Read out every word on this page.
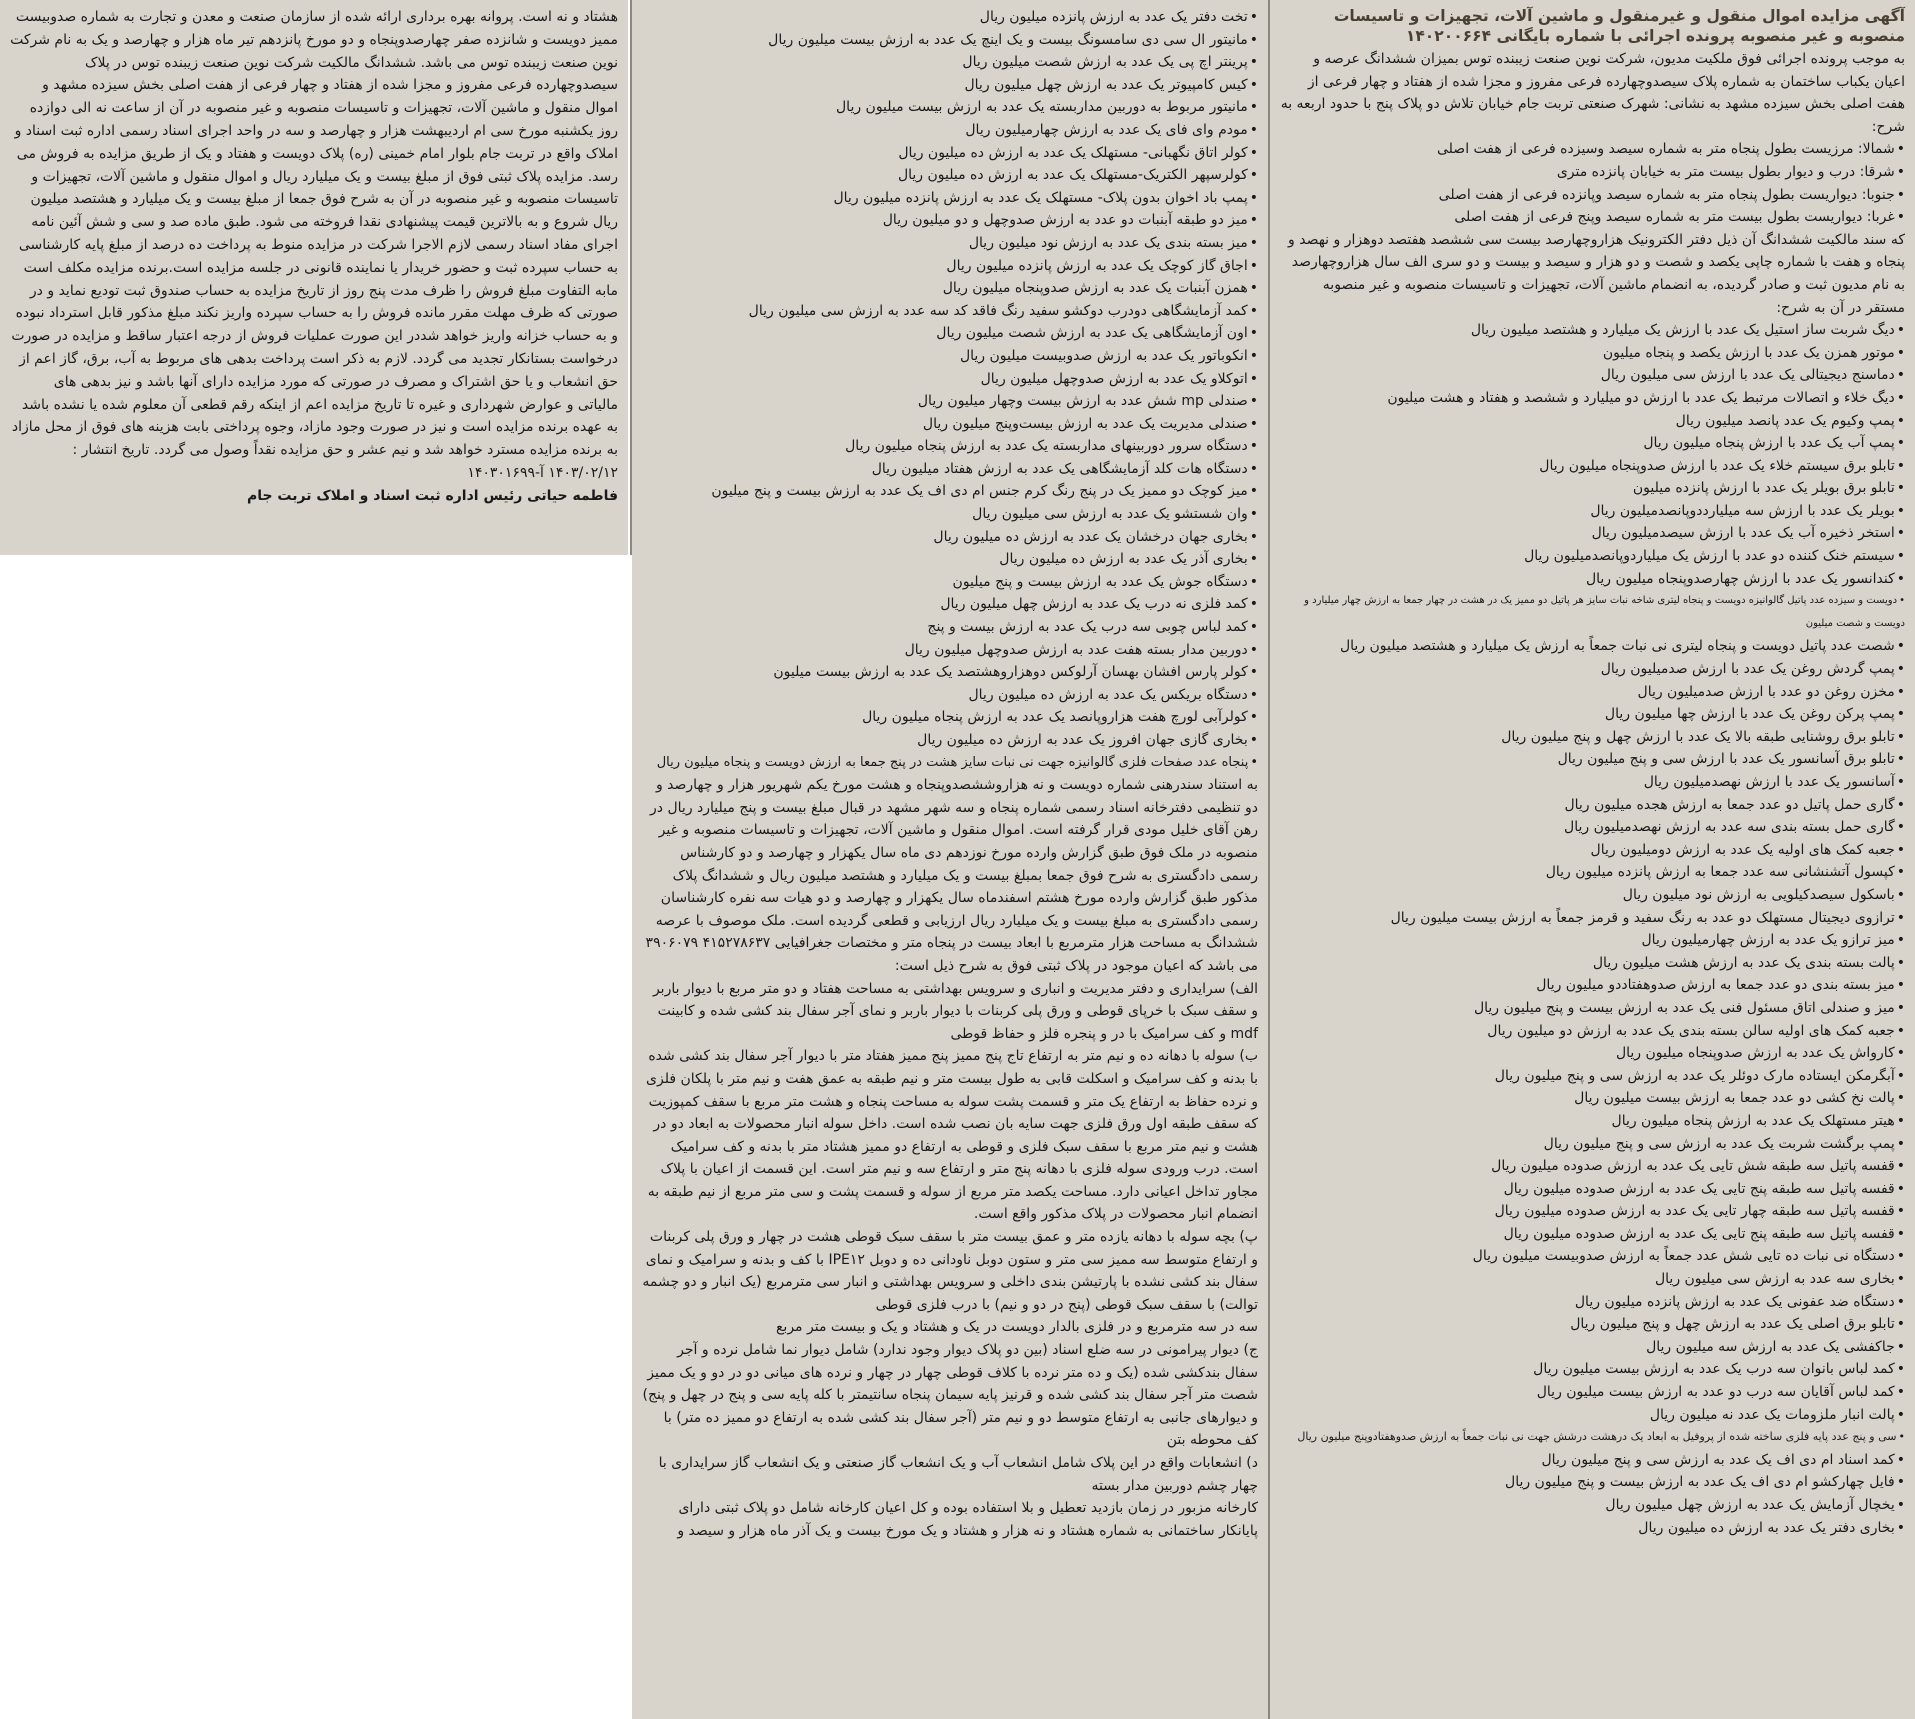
آگهی مزایده اموال منقول و غیرمنقول و ماشین آلات، تجهیزات و تاسیسات منصوبه و غیر منصوبه پرونده اجرائی با شماره بایگانی ۱۴۰۲۰۰۶۶۴

به موجب پرونده اجرائی فوق ملکیت مدیون، شرکت نوین صنعت زیبنده توس بمیزان ششدانگ عرصه و اعیان یکباب ساختمان به شماره پلاک سیصدوچهارده فرعی مفروز و مجزا شده از هفتاد و چهار فرعی از هفت اصلی بخش سیزده مشهد به نشانی: شهرک صنعتی تربت جام خیابان تلاش دو پلاک پنج با حدود اربعه به شرح:

• شمالا: مرزیست بطول پنجاه متر به شماره سیصد وسیزده فرعی از هفت اصلی

• شرقا: درب و دیوار بطول بیست متر به خیابان پانزده متری

• جنوبا: دیواریست بطول پنجاه متر به شماره سیصد وپانزده فرعی از هفت اصلی

• غربا: دیواریست بطول بیست متر به شماره سیصد وپنج فرعی از هفت اصلی

که سند مالکیت ششدانگ آن ذیل دفتر الکترونیک هزاروچهارصد بیست سی ششصد هفتصد دوهزار و نهصد و پنجاه و هفت با شماره چاپی یکصد و شصت و دو هزار و سیصد و بیست و دو سری الف سال هزاروچهارصد به نام مدیون ثبت و صادر گردیده، به انضمام ماشین آلات، تجهیزات و تاسیسات منصوبه و غیر منصوبه مستقر در آن به شرح:

• دیگ شربت ساز استیل یک عدد با ارزش یک میلیارد و هشتصد میلیون ریال

• موتور همزن یک عدد با ارزش یکصد و پنجاه میلیون

• دماسنج دیجیتالی یک عدد با ارزش سی میلیون ریال

• دیگ خلاء و اتصالات مرتبط یک عدد با ارزش دو میلیارد و ششصد و هفتاد و هشت میلیون

• پمپ وکیوم یک عدد پانصد میلیون ریال

• پمپ آب یک عدد با ارزش پنجاه میلیون ریال

• تابلو برق سیستم خلاء یک عدد با ارزش صدوپنجاه میلیون ریال

• تابلو برق بویلر یک عدد با ارزش پانزده میلیون

• بویلر یک عدد با ارزش سه میلیارددوپانصدمیلیون ریال

• استخر ذخیره آب یک عدد با ارزش سیصدمیلیون ریال

• سیستم خنک کننده دو عدد با ارزش یک میلیاردوپانصدمیلیون ریال

• کندانسور یک عدد با ارزش چهارصدوپنجاه میلیون ریال

• دویست و سیزده عدد پاتیل گالوانیزه دویست و پنجاه لیتری شاخه نبات سایز هر پاتیل دو ممیز یک در هشت در چهار جمعا به ارزش چهار میلیارد و دویست و شصت میلیون

• شصت عدد پاتیل دویست و پنجاه لیتری نی نبات جمعاً به ارزش یک میلیارد و هشتصد میلیون ریال

• پمپ گردش روغن یک عدد با ارزش صدمیلیون ریال

• مخزن روغن دو عدد با ارزش صدمیلیون ریال

• پمپ پرکن روغن یک عدد با ارزش چها میلیون ریال

• تابلو برق روشنایی طبقه بالا یک عدد با ارزش چهل و پنج میلیون ریال

• تابلو برق آسانسور یک عدد با ارزش سی و پنج میلیون ریال

• آسانسور یک عدد با ارزش نهصدمیلیون ریال

• گاری حمل پاتیل دو عدد جمعا به ارزش هجده میلیون ریال

• گاری حمل بسته بندی سه عدد به ارزش نهصدمیلیون ریال

• جعبه کمک های اولیه یک عدد به ارزش دومیلیون ریال

• کپسول آتشنشانی سه عدد جمعا به ارزش پانزده میلیون ریال

• باسکول سیصدکیلویی به ارزش نود میلیون ریال

• ترازوی دیجیتال مستهلک دو عدد به رنگ سفید و قرمز جمعاً به ارزش بیست میلیون ریال

• میز ترازو یک عدد به ارزش چهارمیلیون ریال

• پالت بسته بندی یک عدد به ارزش هشت میلیون ریال

• میز بسته بندی دو عدد جمعا به ارزش صدوهفتاددو میلیون ریال

• میز و صندلی اتاق مسئول فنی یک عدد به ارزش بیست و پنج میلیون ریال

• جعبه کمک های اولیه سالن بسته بندی یک عدد به ارزش دو میلیون ریال

• کارواش یک عدد به ارزش صدوپنجاه میلیون ریال

• آبگرمکن ایستاده مارک دوئلر یک عدد به ارزش سی و پنج میلیون ریال

• پالت نخ کشی دو عدد جمعا به ارزش بیست میلیون ریال

• هیتر مستهلک یک عدد به ارزش پنجاه میلیون ریال

• پمپ برگشت شربت یک عدد به ارزش سی و پنج میلیون ریال

• قفسه پاتیل سه طبقه شش تایی یک عدد به ارزش صدوده میلیون ریال

• قفسه پاتیل سه طبقه پنج تایی یک عدد به ارزش صدوده میلیون ریال

• قفسه پاتیل سه طبقه چهار تایی یک عدد به ارزش صدوده میلیون ریال

• قفسه پاتیل سه طبقه پنج تایی یک عدد به ارزش صدوده میلیون ریال

• دستگاه نی نبات ده تایی شش عدد جمعاً به ارزش صدوبیست میلیون ریال

• بخاری سه عدد به ارزش سی میلیون ریال

• دستگاه ضد عفونی یک عدد به ارزش پانزده میلیون ریال

• تابلو برق اصلی یک عدد به ارزش چهل و پنج میلیون ریال

• جاکفشی یک عدد به ارزش سه میلیون ریال

• کمد لباس بانوان سه درب یک عدد به ارزش بیست میلیون ریال

• کمد لباس آقایان سه درب دو عدد به ارزش بیست میلیون ریال

• پالت انبار ملزومات یک عدد نه میلیون ریال

• سی و پنج عدد پایه فلزی ساخته شده از پروفیل به ابعاد یک درهشت درشش جهت نی نبات جمعاً به ارزش صدوهفتادوپنج میلیون ریال

• کمد اسناد ام دی اف یک عدد به ارزش سی و پنج میلیون ریال

• فایل چهارکشو ام دی اف یک عدد به ارزش بیست و پنج میلیون ریال

• یخچال آزمایش یک عدد به ارزش چهل میلیون ریال

• بخاری دفتر یک عدد به ارزش ده میلیون ریال

• تخت دفتر یک عدد به ارزش پانزده میلیون ریال

• مانیتور ال سی دی سامسونگ بیست و یک اینچ یک عدد به ارزش بیست میلیون ریال

• پرینتر اچ پی یک عدد به ارزش شصت میلیون ریال

• کیس کامپیوتر یک عدد به ارزش چهل میلیون ریال

• مانیتور مربوط به دوربین مداربسته یک عدد به ارزش بیست میلیون ریال

• مودم وای فای یک عدد به ارزش چهارمیلیون ریال

• کولر اتاق نگهبانی- مستهلک یک عدد به ارزش ده میلیون ریال

• کولرسپهر الکتریک-مستهلک یک عدد به ارزش ده میلیون ریال

• پمپ باد اخوان بدون پلاک- مستهلک یک عدد به ارزش پانزده میلیون ریال

• میز دو طبقه آبنبات دو عدد به ارزش صدوچهل و دو میلیون ریال

• میز بسته بندی یک عدد به ارزش نود میلیون ریال

• اجاق گاز کوچک یک عدد به ارزش پانزده میلیون ریال

• همزن آبنبات یک عدد به ارزش صدوپنجاه میلیون ریال

• کمد آزمایشگاهی دودرب دوکشو سفید رنگ فاقد کد سه عدد به ارزش سی میلیون ریال

• اون آزمایشگاهی یک عدد به ارزش شصت میلیون ریال

• انکوباتور یک عدد به ارزش صدوبیست میلیون ریال

• اتوکلاو یک عدد به ارزش صدوچهل میلیون ریال

• صندلی mp شش عدد به ارزش بیست وچهار میلیون ریال

• صندلی مدیریت یک عدد به ارزش بیست‌وپنج میلیون ریال

• دستگاه سرور دوربینهای مداربسته یک عدد به ارزش پنجاه میلیون ریال

• دستگاه هات کلد آزمایشگاهی یک عدد به ارزش هفتاد میلیون ریال

• میز کوچک دو ممیز یک در پنج رنگ کرم جنس ام دی اف یک عدد به ارزش بیست و پنج میلیون

• وان شستشو یک عدد به ارزش سی میلیون ریال

• بخاری جهان درخشان یک عدد به ارزش ده میلیون ریال

• بخاری آذر یک عدد به ارزش ده میلیون ریال

• دستگاه جوش یک عدد به ارزش بیست و پنج میلیون

• کمد فلزی نه درب یک عدد به ارزش چهل میلیون ریال

• کمد لباس چوبی سه درب یک عدد به ارزش بیست و پنج

• دوربین مدار بسته هفت عدد به ارزش صدوچهل میلیون ریال

• کولر پارس افشان بهسان آرلوکس دوهزاروهشتصد یک عدد به ارزش بیست میلیون

• دستگاه بریکس یک عدد به ارزش ده میلیون ریال

• کولرآبی لورچ هفت هزاروپانصد یک عدد به ارزش پنجاه میلیون ریال

• بخاری گازی جهان افروز یک عدد به ارزش ده میلیون ریال

• پنجاه عدد صفحات فلزی گالوانیزه جهت نی نبات سایز هشت در پنج جمعا به ارزش دویست و پنجاه میلیون ریال

به استناد سندرهنی شماره دویست و نه هزاروششصدوپنجاه و هشت مورخ یکم شهریور هزار و چهارصد و دو تنظیمی دفترخانه اسناد رسمی شماره پنجاه و سه شهر مشهد در قبال مبلغ بیست و پنج میلیارد ریال در رهن آقای خلیل مودی قرار گرفته است. اموال منقول و ماشین آلات، تجهیزات و تاسیسات منصوبه و غیر منصوبه در ملک فوق طبق گزارش وارده مورخ نوزدهم دی ماه سال یکهزار و چهارصد و دو کارشناس رسمی دادگستری به شرح فوق جمعا بمبلغ بیست و یک میلیارد و هشتصد میلیون ریال و ششدانگ پلاک مذکور طبق گزارش وارده مورخ هشتم اسفندماه سال یکهزار و چهارصد و دو هیات سه نفره کارشناسان رسمی دادگستری به مبلغ بیست و یک میلیارد ریال ارزیابی و قطعی گردیده است. ملک موصوف با عرصه ششدانگ به مساحت هزار مترمربع با ابعاد بیست در پنجاه متر و مختصات جغرافیایی ۴۱۵۲۷۸۶۳۷ ۳۹۰۶۰۷۹ می باشد که اعیان موجود در پلاک ثبتی فوق به شرح ذیل است:

الف) سرایداری و دفتر مدیریت و انباری و سرویس بهداشتی به مساحت هفتاد و دو متر مربع با دیوار باربر و سقف سبک با خرپای قوطی و ورق پلی کربنات با دیوار باربر و نمای آجر سفال بند کشی شده و کابینت mdf و کف سرامیک با در و پنجره فلز و حفاظ قوطی

ب) سوله با دهانه ده و نیم متر به ارتفاع تاج پنج ممیز پنج ممیز هفتاد متر با دیوار آجر سفال بند کشی شده با بدنه و کف سرامیک و اسکلت قابی به طول بیست متر و نیم طبقه به عمق هفت و نیم متر با پلکان فلزی و نرده حفاظ به ارتفاع یک متر و قسمت پشت سوله به مساحت پنجاه و هشت متر مربع با سقف کمپوزیت که سقف طبقه اول ورق فلزی جهت سایه بان نصب شده است. داخل سوله انبار محصولات به ابعاد دو در هشت و نیم متر مربع با سقف سبک فلزی و قوطی به ارتفاع دو ممیز هشتاد متر با بدنه و کف سرامیک است. درب ورودی سوله فلزی با دهانه پنج متر و ارتفاع سه و نیم متر است. این قسمت از اعیان با پلاک مجاور تداخل اعیانی دارد. مساحت یکصد متر مربع از سوله و قسمت پشت و سی متر مربع از نیم طبقه به انضمام انبار محصولات در پلاک مذکور واقع است.

پ) بچه سوله با دهانه یازده متر و عمق بیست متر با سقف سبک قوطی هشت در چهار و ورق پلی کربنات و ارتفاع متوسط سه ممیز سی متر و ستون دوبل ناودانی ده و دوبل IPE۱۲ با کف و بدنه و سرامیک و نمای سفال بند کشی نشده با پارتیشن بندی داخلی و سرویس بهداشتی و انبار سی مترمربع (یک انبار و دو چشمه توالت) با سقف سبک قوطی (پنج در دو و نیم) با درب فلزی قوطی

سه در سه مترمربع و در فلزی بالدار دویست در یک و هشتاد و یک و بیست متر مربع

ج) دیوار پیرامونی در سه ضلع اسناد (بین دو پلاک دیوار وجود ندارد) شامل دیوار نما شامل نرده و آجر سفال بندکشی شده (یک و ده متر نرده با کلاف قوطی چهار در چهار و نرده های میانی دو در دو و یک ممیز شصت متر آجر سفال بند کشی شده و قرنیز پایه سیمان پنجاه سانتیمتر با کله پایه سی و پنج در چهل و پنج) و دیوارهای جانبی به ارتفاع متوسط دو و نیم متر (آجر سفال بند کشی شده به ارتفاع دو ممیز ده متر) با کف محوطه بتن

د) انشعابات واقع در این پلاک شامل انشعاب آب و یک انشعاب گاز صنعتی و یک انشعاب گاز سرایداری با چهار چشم دوربین مدار بسته

کارخانه مزبور در زمان بازدید تعطیل و بلا استفاده بوده و کل اعیان کارخانه شامل دو پلاک ثبتی دارای پایانکار ساختمانی به شماره هشتاد و نه هزار و هشتاد و یک مورخ بیست و یک آذر ماه هزار و سیصد و

هشتاد و نه است. پروانه بهره برداری ارائه شده از سازمان صنعت و معدن و تجارت به شماره صدوبیست ممیز دویست و شانزده صفر چهارصدوپنجاه و دو مورخ پانزدهم تیر ماه هزار و چهارصد و یک به نام شرکت نوین صنعت زیبنده توس می باشد. ششدانگ مالکیت شرکت نوین صنعت زیبنده توس در پلاک سیصدوچهارده فرعی مفروز و مجزا شده از هفتاد و چهار فرعی از هفت اصلی بخش سیزده مشهد و اموال منقول و ماشین آلات، تجهیزات و تاسیسات منصوبه و غیر منصوبه در آن از ساعت نه الی دوازده روز یکشنبه مورخ سی ام اردیبهشت هزار و چهارصد و سه در واحد اجرای اسناد رسمی اداره ثبت اسناد و املاک واقع در تربت جام بلوار امام خمینی (ره) پلاک دویست و هفتاد و یک از طریق مزایده به فروش می رسد. مزایده پلاک ثبتی فوق از مبلغ بیست و یک میلیارد ریال و اموال منقول و ماشین آلات، تجهیزات و تاسیسات منصوبه و غیر منصوبه در آن به شرح فوق جمعا از مبلغ بیست و یک میلیارد و هشتصد میلیون ریال شروع و به بالاترین قیمت پیشنهادی نقدا فروخته می شود. طبق ماده صد و سی و شش آئین نامه اجرای مفاد اسناد رسمی لازم الاجرا شرکت در مزایده منوط به پرداخت ده درصد از مبلغ پایه کارشناسی به حساب سپرده ثبت و حضور خریدار یا نماینده قانونی در جلسه مزایده است.برنده مزایده مکلف است مابه التفاوت مبلغ فروش را ظرف مدت پنج روز از تاریخ مزایده به حساب صندوق ثبت تودیع نماید و در صورتی که ظرف مهلت مقرر مانده فروش را به حساب سپرده واریز نکند مبلغ مذکور قابل استرداد نبوده و به حساب خزانه واریز خواهد شددر این صورت عملیات فروش از درجه اعتبار ساقط و مزایده در صورت درخواست بستانکار تجدید می گردد. لازم به ذکر است پرداخت بدهی های مربوط به آب، برق، گاز اعم از حق انشعاب و یا حق اشتراک و مصرف در صورتی که مورد مزایده دارای آنها باشد و نیز بدهی های مالیاتی و عوارض شهرداری و غیره تا تاریخ مزایده اعم از اینکه رقم قطعی آن معلوم شده یا نشده باشد به عهده برنده مزایده است و نیز در صورت وجود مازاد، وجوه پرداختی بابت هزینه های فوق از محل مازاد به برنده مزایده مسترد خواهد شد و نیم عشر و حق مزایده نقداً وصول می گردد. تاریخ انتشار : ۱۴۰۳/۰۲/۱۲ آ-۱۴۰۳۰۱۶۹۹

فاطمه حیاتی رئیس اداره ثبت اسناد و املاک تربت جام
